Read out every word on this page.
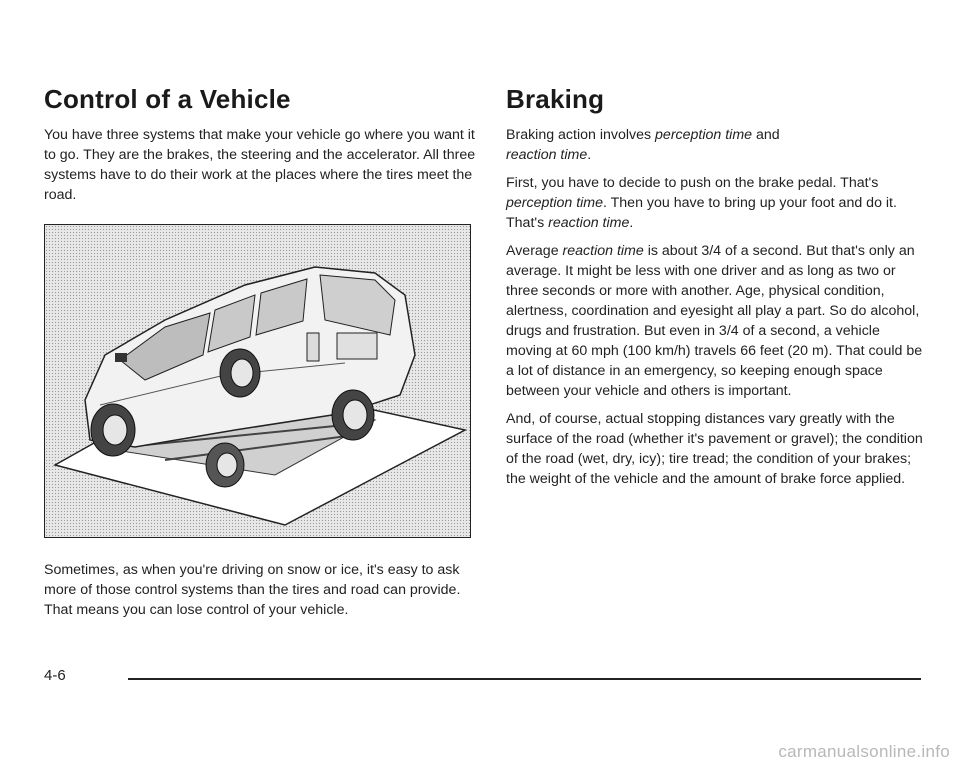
Control of a Vehicle

You have three systems that make your vehicle go where you want it to go. They are the brakes, the steering and the accelerator. All three systems have to do their work at the places where the tires meet the road.

Sometimes, as when you're driving on snow or ice, it's easy to ask more of those control systems than the tires and road can provide. That means you can lose control of your vehicle.

Braking

Braking action involves perception time and
reaction time.

First, you have to decide to push on the brake pedal. That's perception time. Then you have to bring up your foot and do it. That's reaction time.

Average reaction time is about 3/4 of a second. But that's only an average. It might be less with one driver and as long as two or three seconds or more with another. Age, physical condition, alertness, coordination and eyesight all play a part. So do alcohol, drugs and frustration. But even in 3/4 of a second, a vehicle moving at 60 mph (100 km/h) travels 66 feet (20 m). That could be a lot of distance in an emergency, so keeping enough space between your vehicle and others is important.

And, of course, actual stopping distances vary greatly with the surface of the road (whether it's pavement or gravel); the condition of the road (wet, dry, icy); tire tread; the condition of your brakes; the weight of the vehicle and the amount of brake force applied.

4-6
carmanualsonline.info
